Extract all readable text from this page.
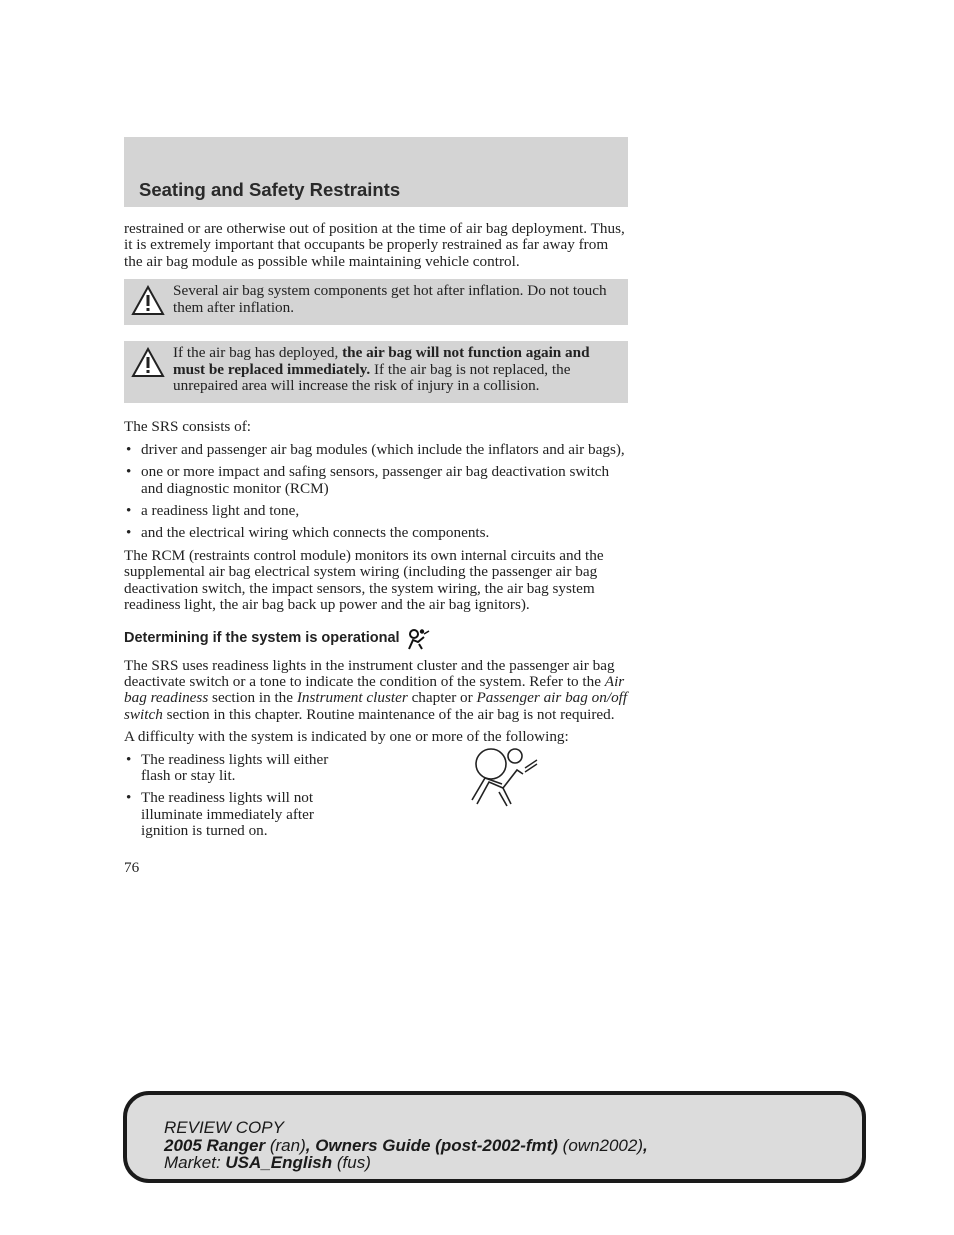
Seating and Safety Restraints

restrained or are otherwise out of position at the time of air bag deployment. Thus, it is extremely important that occupants be properly restrained as far away from the air bag module as possible while maintaining vehicle control.

Several air bag system components get hot after inflation. Do not touch them after inflation.

If the air bag has deployed, the air bag will not function again and must be replaced immediately. If the air bag is not replaced, the unrepaired area will increase the risk of injury in a collision.

The SRS consists of:

• driver and passenger air bag modules (which include the inflators and air bags),
• one or more impact and safing sensors, passenger air bag deactivation switch and diagnostic monitor (RCM)
• a readiness light and tone,
• and the electrical wiring which connects the components.

The RCM (restraints control module) monitors its own internal circuits and the supplemental air bag electrical system wiring (including the passenger air bag deactivation switch, the impact sensors, the system wiring, the air bag system readiness light, the air bag back up power and the air bag ignitors).

Determining if the system is operational

The SRS uses readiness lights in the instrument cluster and the passenger air bag deactivate switch or a tone to indicate the condition of the system. Refer to the Air bag readiness section in the Instrument cluster chapter or Passenger air bag on/off switch section in this chapter. Routine maintenance of the air bag is not required.

A difficulty with the system is indicated by one or more of the following:

• The readiness lights will either flash or stay lit.
• The readiness lights will not illuminate immediately after ignition is turned on.

76

REVIEW COPY
2005 Ranger (ran), Owners Guide (post-2002-fmt) (own2002),
Market: USA_English (fus)
